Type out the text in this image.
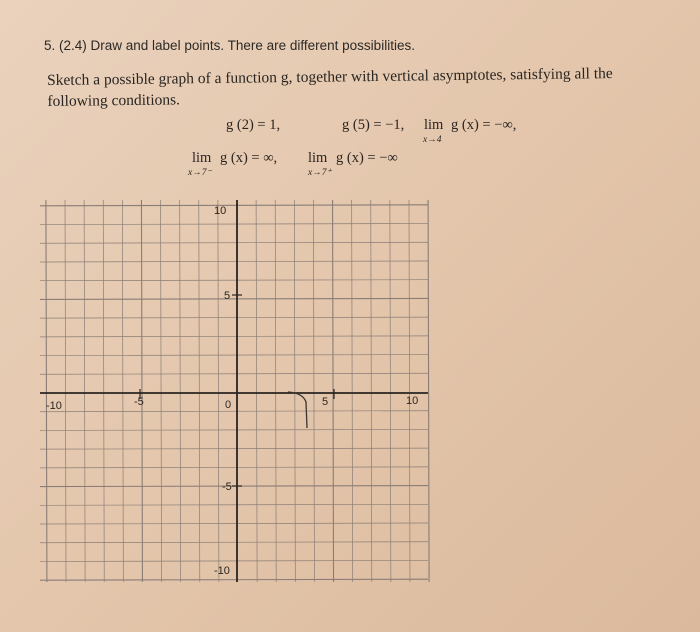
5. (2.4) Draw and label points. There are different possibilities.
Sketch a possible graph of a function g, together with vertical asymptotes, satisfying all the following conditions.
g (2) = 1,	g (5) = −1, lim g (x) = −∞,
x→4
lim g (x) = ∞,
x→7⁻
lim g (x) = −∞
x→7⁺
-10	-5	0	5	10
10
5
-5
-10
